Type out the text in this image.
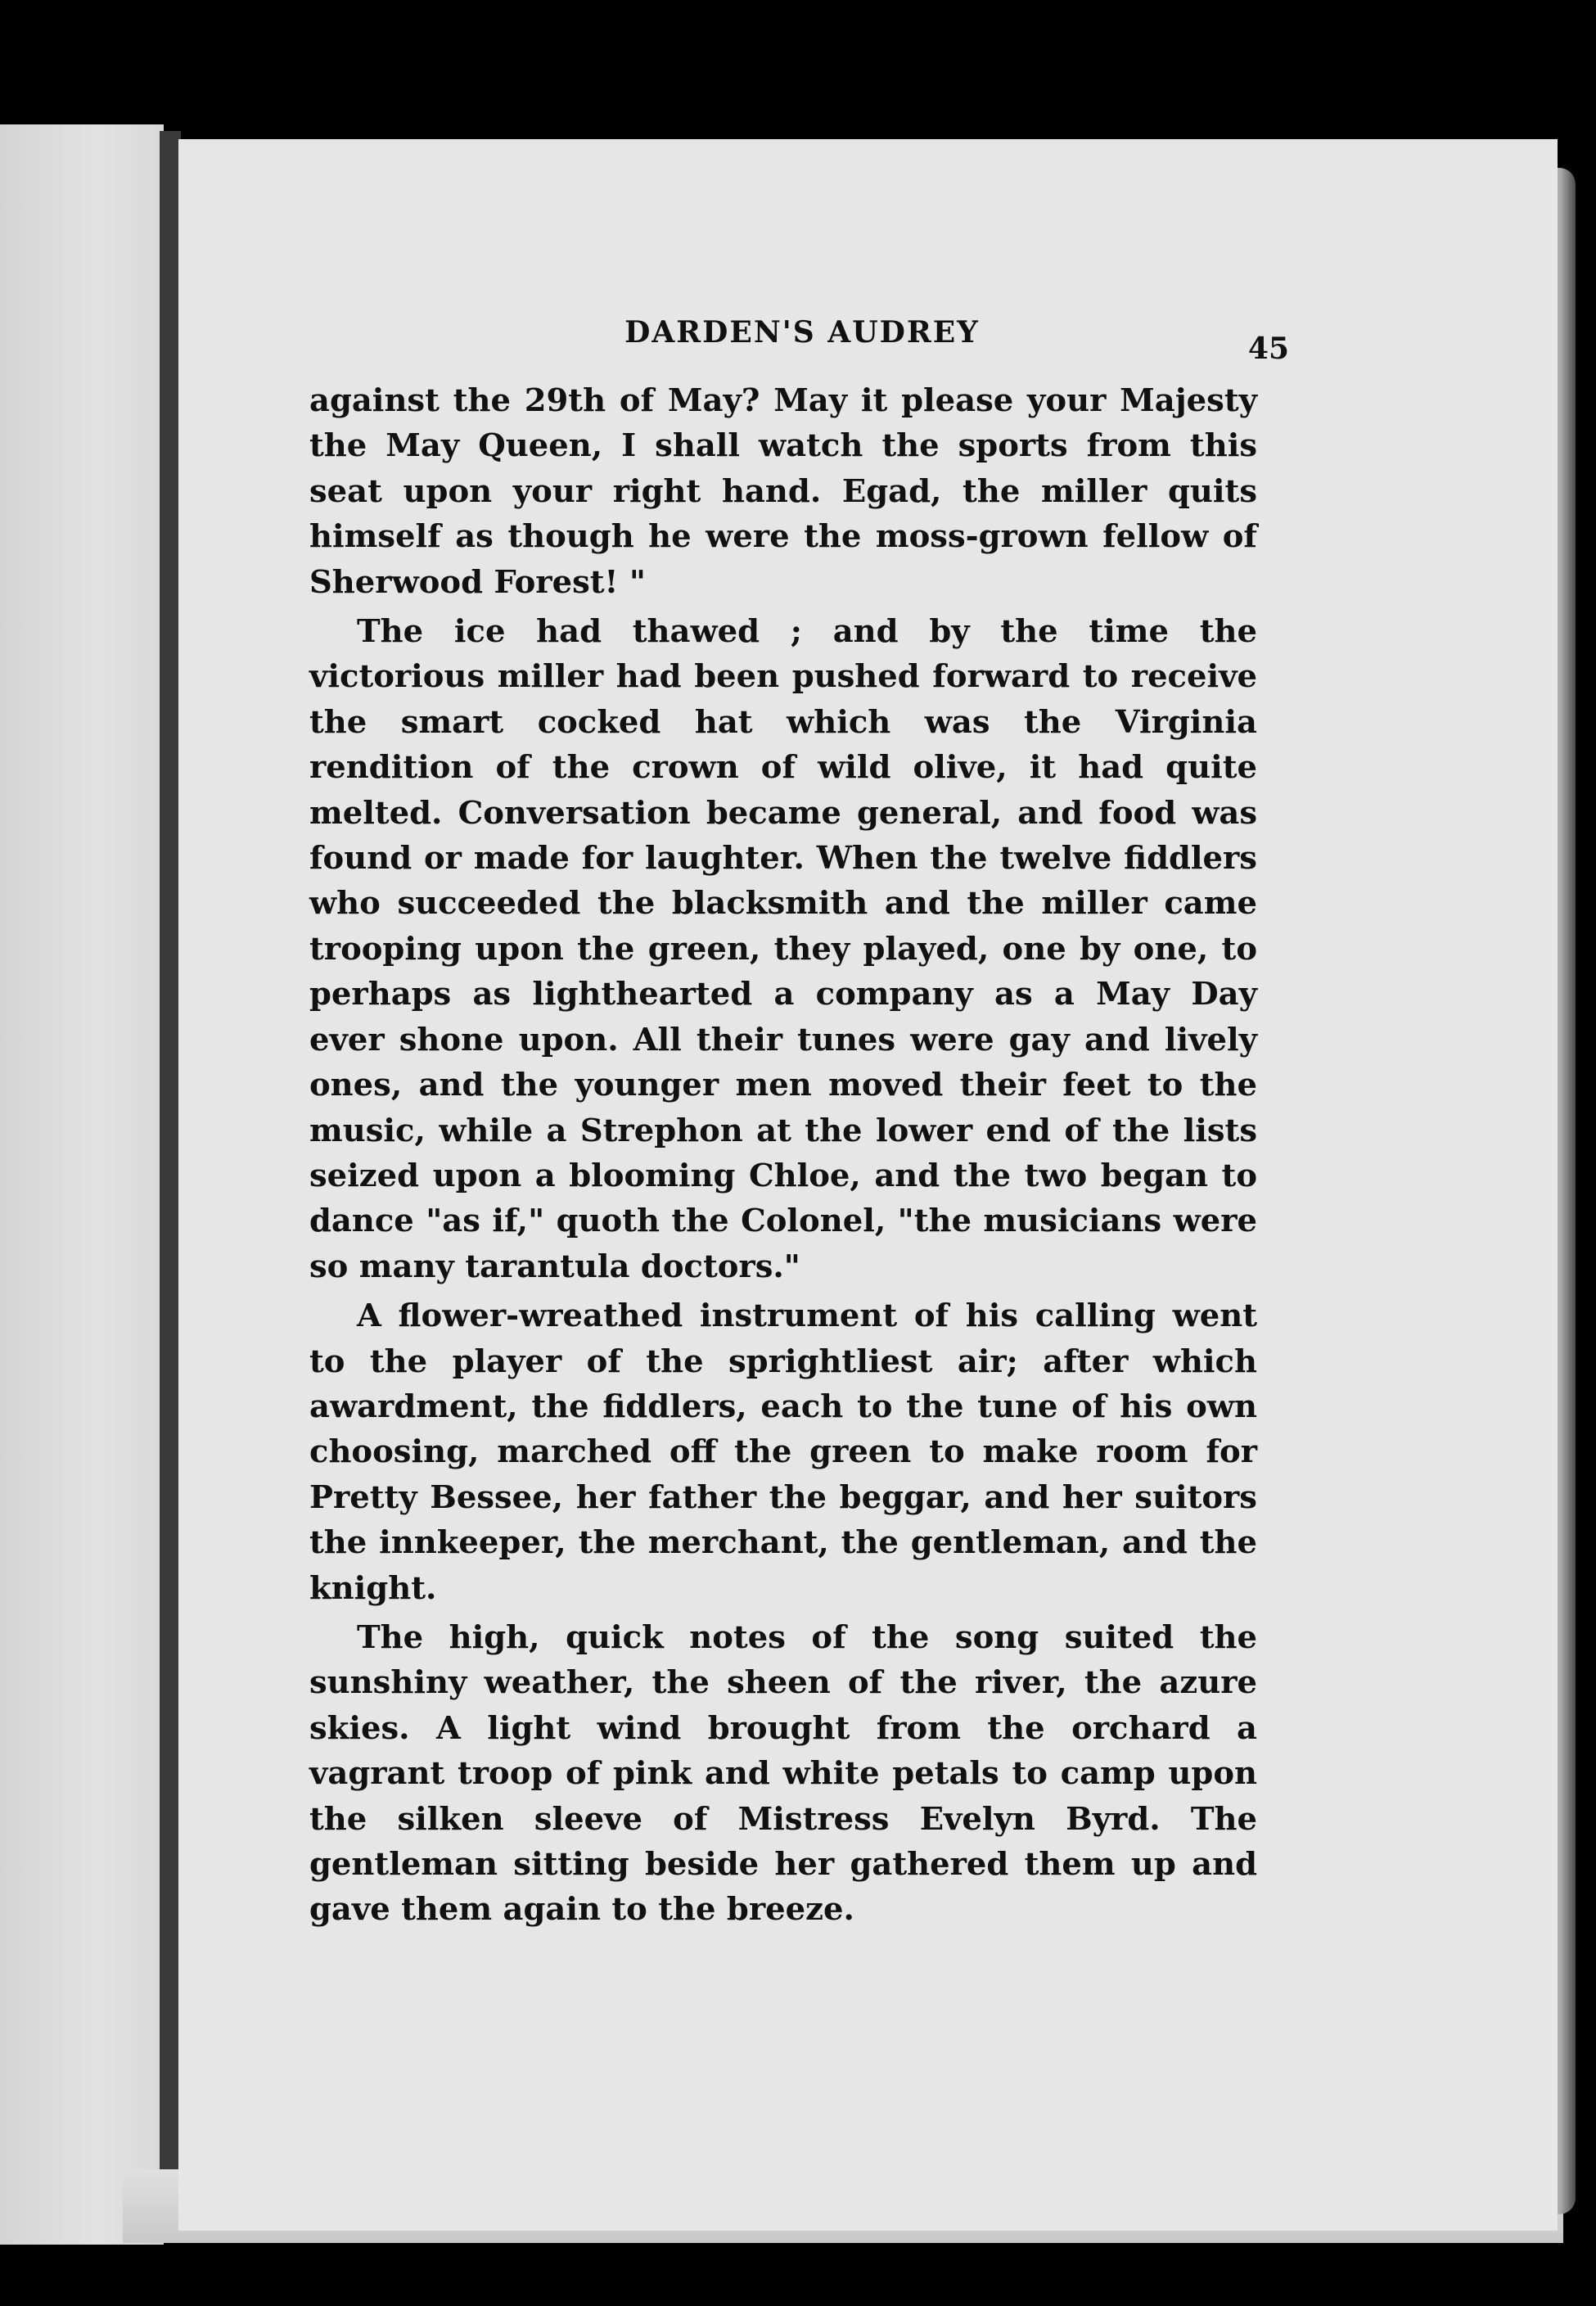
DARDEN'S AUDREY	45

against the 29th of May? May it please your Majesty the May Queen, I shall watch the sports from this seat upon your right hand. Egad, the miller quits himself as though he were the moss-grown fellow of Sherwood Forest! "

The ice had thawed ; and by the time the victorious miller had been pushed forward to receive the smart cocked hat which was the Virginia rendition of the crown of wild olive, it had quite melted. Conversation became general, and food was found or made for laughter. When the twelve fiddlers who succeeded the blacksmith and the miller came trooping upon the green, they played, one by one, to perhaps as lighthearted a company as a May Day ever shone upon. All their tunes were gay and lively ones, and the younger men moved their feet to the music, while a Strephon at the lower end of the lists seized upon a blooming Chloe, and the two began to dance "as if," quoth the Colonel, "the musicians were so many tarantula doctors."

A flower-wreathed instrument of his calling went to the player of the sprightliest air; after which awardment, the fiddlers, each to the tune of his own choosing, marched off the green to make room for Pretty Bessee, her father the beggar, and her suitors the innkeeper, the merchant, the gentleman, and the knight.

The high, quick notes of the song suited the sunshiny weather, the sheen of the river, the azure skies. A light wind brought from the orchard a vagrant troop of pink and white petals to camp upon the silken sleeve of Mistress Evelyn Byrd. The gentleman sitting beside her gathered them up and gave them again to the breeze.
